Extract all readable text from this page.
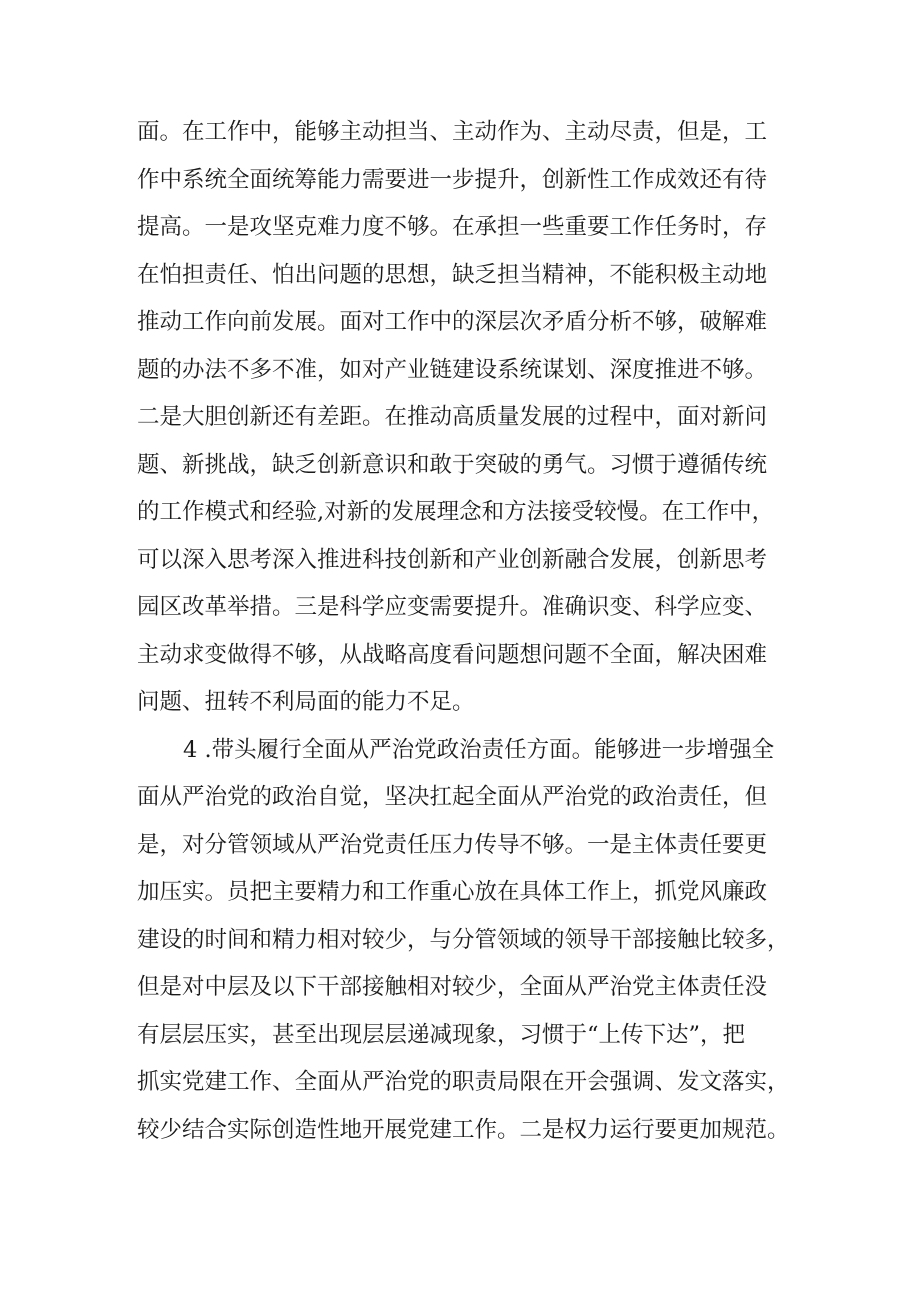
面。在工作中，能够主动担当、主动作为、主动尽责，但是，工
作中系统全面统筹能力需要进一步提升，创新性工作成效还有待
提高。一是攻坚克难力度不够。在承担一些重要工作任务时，存
在怕担责任、怕出问题的思想，缺乏担当精神，不能积极主动地
推动工作向前发展。面对工作中的深层次矛盾分析不够，破解难
题的办法不多不准，如对产业链建设系统谋划、深度推进不够。
二是大胆创新还有差距。在推动高质量发展的过程中，面对新问
题、新挑战，缺乏创新意识和敢于突破的勇气。习惯于遵循传统
的工作模式和经验,对新的发展理念和方法接受较慢。在工作中，
可以深入思考深入推进科技创新和产业创新融合发展，创新思考
园区改革举措。三是科学应变需要提升。准确识变、科学应变、
主动求变做得不够，从战略高度看问题想问题不全面，解决困难
问题、扭转不利局面的能力不足。
4 .带头履行全面从严治党政治责任方面。能够进一步增强全
面从严治党的政治自觉，坚决扛起全面从严治党的政治责任，但
是，对分管领域从严治党责任压力传导不够。一是主体责任要更
加压实。员把主要精力和工作重心放在具体工作上，抓党风廉政
建设的时间和精力相对较少，与分管领域的领导干部接触比较多，
但是对中层及以下干部接触相对较少，全面从严治党主体责任没
有层层压实，甚至出现层层递减现象，习惯于“上传下达”，把
抓实党建工作、全面从严治党的职责局限在开会强调、发文落实，
较少结合实际创造性地开展党建工作。二是权力运行要更加规范。
